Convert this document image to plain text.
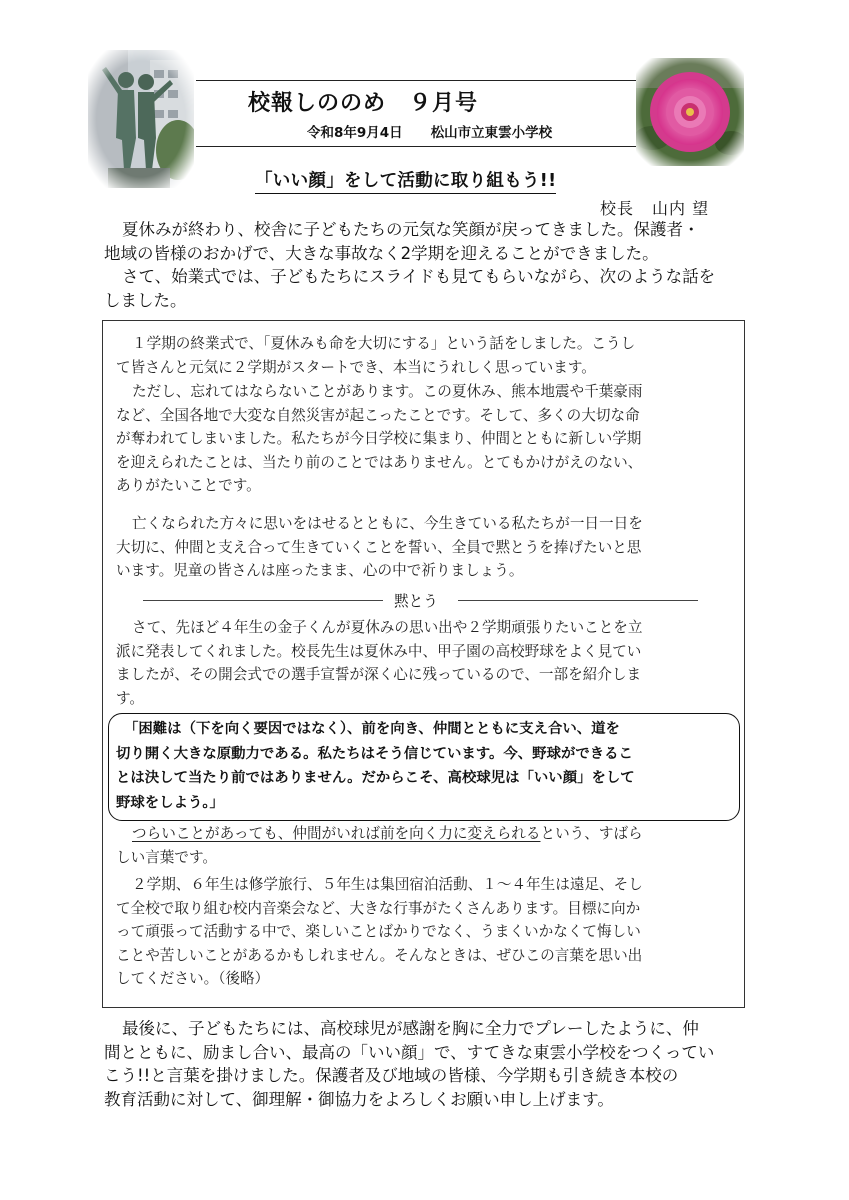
校報しののめ　９月号
令和8年9月4日 松山市立東雲小学校
「いい顔」をして活動に取り組もう!!
校長 山内 望
夏休みが終わり、校舎に子どもたちの元気な笑顔が戻ってきました。保護者・
地域の皆様のおかげで、大きな事故なく2学期を迎えることができました。
さて、始業式では、子どもたちにスライドも見てもらいながら、次のような話を
しました。
１学期の終業式で、「夏休みも命を大切にする」という話をしました。こうし
て皆さんと元気に２学期がスタートでき、本当にうれしく思っています。
ただし、忘れてはならないことがあります。この夏休み、熊本地震や千葉豪雨
など、全国各地で大変な自然災害が起こったことです。そして、多くの大切な命
が奪われてしまいました。私たちが今日学校に集まり、仲間とともに新しい学期
を迎えられたことは、当たり前のことではありません。とてもかけがえのない、
ありがたいことです。
亡くなられた方々に思いをはせるとともに、今生きている私たちが一日一日を
大切に、仲間と支え合って生きていくことを誓い、全員で黙とうを捧げたいと思
います。児童の皆さんは座ったまま、心の中で祈りましょう。
黙とう
さて、先ほど４年生の金子くんが夏休みの思い出や２学期頑張りたいことを立
派に発表してくれました。校長先生は夏休み中、甲子園の高校野球をよく見てい
ましたが、その開会式での選手宣誓が深く心に残っているので、一部を紹介しま
す。
「困難は（下を向く要因ではなく）、前を向き、仲間とともに支え合い、道を
切り開く大きな原動力である。私たちはそう信じています。今、野球ができるこ
とは決して当たり前ではありません。だからこそ、高校球児は「いい顔」をして
野球をしよう。」
つらいことがあっても、仲間がいれば前を向く力に変えられるという、すばら
しい言葉です。
２学期、６年生は修学旅行、５年生は集団宿泊活動、１～４年生は遠足、そし
て全校で取り組む校内音楽会など、大きな行事がたくさんあります。目標に向か
って頑張って活動する中で、楽しいことばかりでなく、うまくいかなくて悔しい
ことや苦しいことがあるかもしれません。そんなときは、ぜひこの言葉を思い出
してください。（後略）
最後に、子どもたちには、高校球児が感謝を胸に全力でプレーしたように、仲
間とともに、励まし合い、最高の「いい顔」で、すてきな東雲小学校をつくってい
こう!!と言葉を掛けました。保護者及び地域の皆様、今学期も引き続き本校の
教育活動に対して、御理解・御協力をよろしくお願い申し上げます。
